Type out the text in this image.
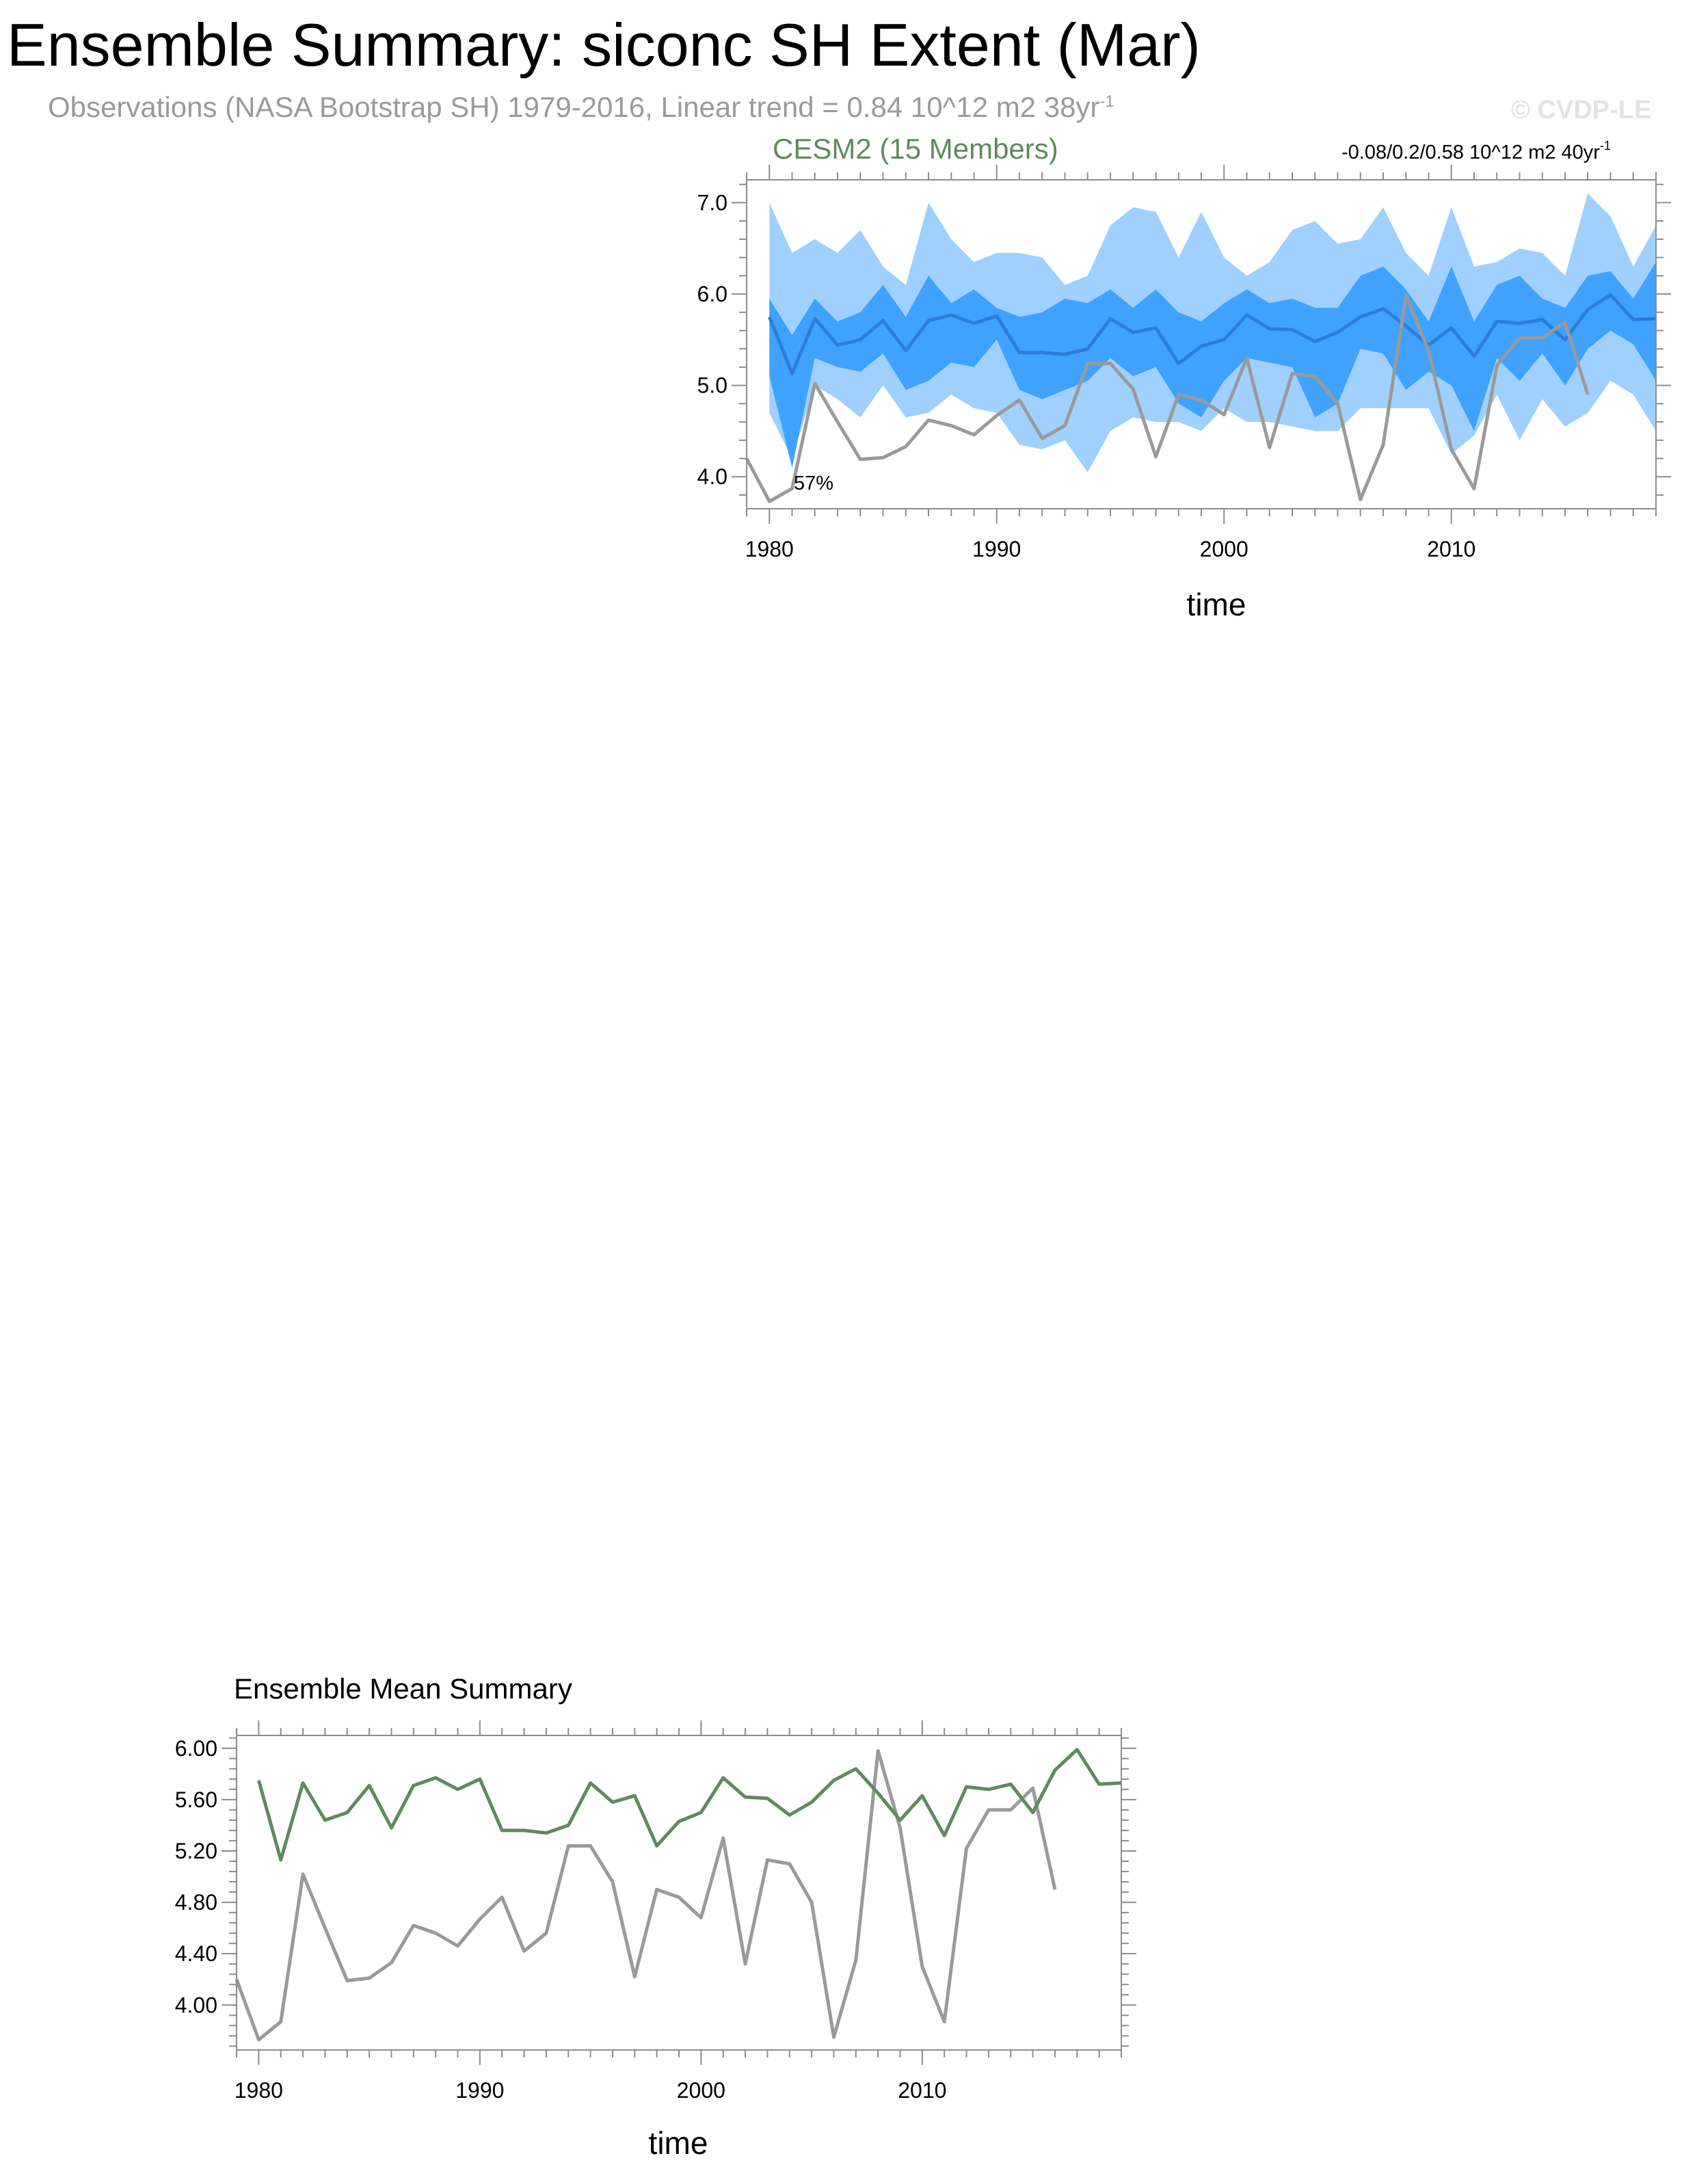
Ensemble Summary: siconc SH Extent (Mar)
Observations (NASA Bootstrap SH) 1979-2016, Linear trend = 0.84 10^12 m2 $38yr^{-1}$	© CVDP-LE
1980	1990	2000	2010
4.0
5.0
6.0
7.0
CESM2 (15 Members)	-0.08/0.2/0.58 10^12 m2 $40yr^{-1}$
57%
time
1980	1990	2000	2010
4.00
4.40
4.80
5.20
5.60
6.00
Ensemble Mean Summary
time
